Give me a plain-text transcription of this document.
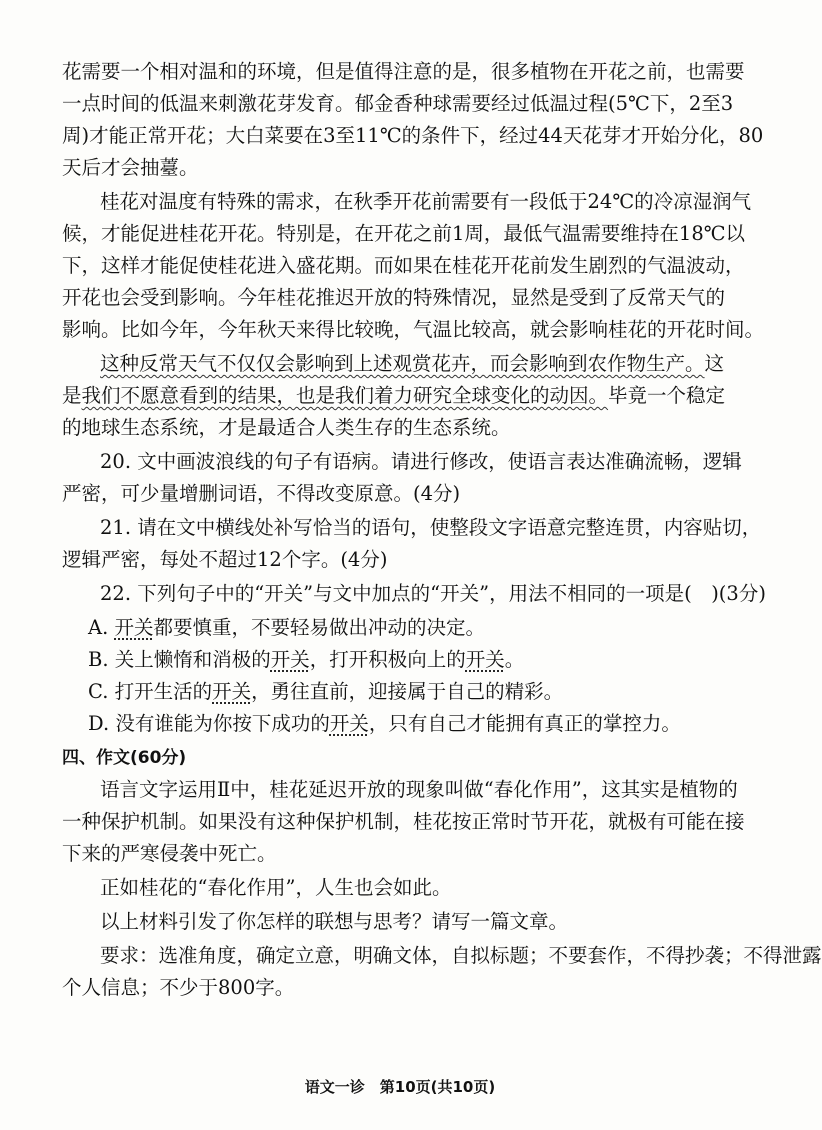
花需要一个相对温和的环境，但是值得注意的是，很多植物在开花之前，也需要
一点时间的低温来刺激花芽发育。郁金香种球需要经过低温过程(5℃下，2至3
周)才能正常开花；大白菜要在3至11℃的条件下，经过44天花芽才开始分化，80
天后才会抽薹。
桂花对温度有特殊的需求，在秋季开花前需要有一段低于24℃的冷凉湿润气
候，才能促进桂花开花。特别是，在开花之前1周，最低气温需要维持在18℃以
下，这样才能促使桂花进入盛花期。而如果在桂花开花前发生剧烈的气温波动，
开花也会受到影响。今年桂花推迟开放的特殊情况，显然是受到了反常天气的
影响。比如今年，今年秋天来得比较晚，气温比较高，就会影响桂花的开花时间。
这种反常天气不仅仅会影响到上述观赏花卉，而会影响到农作物生产。这
是我们不愿意看到的结果，也是我们着力研究全球变化的动因。毕竟一个稳定
的地球生态系统，才是最适合人类生存的生态系统。
20. 文中画波浪线的句子有语病。请进行修改，使语言表达准确流畅，逻辑
严密，可少量增删词语，不得改变原意。(4分)
21. 请在文中横线处补写恰当的语句，使整段文字语意完整连贯，内容贴切，
逻辑严密，每处不超过12个字。(4分)
22. 下列句子中的“开关”与文中加点的“开关”，用法不相同的一项是(　)(3分)
A. 开关都要慎重，不要轻易做出冲动的决定。
B. 关上懒惰和消极的开关，打开积极向上的开关。
C. 打开生活的开关，勇往直前，迎接属于自己的精彩。
D. 没有谁能为你按下成功的开关，只有自己才能拥有真正的掌控力。
四、作文(60分)
语言文字运用Ⅱ中，桂花延迟开放的现象叫做“春化作用”，这其实是植物的
一种保护机制。如果没有这种保护机制，桂花按正常时节开花，就极有可能在接
下来的严寒侵袭中死亡。
正如桂花的“春化作用”，人生也会如此。
以上材料引发了你怎样的联想与思考？请写一篇文章。
要求：选准角度，确定立意，明确文体，自拟标题；不要套作，不得抄袭；不得泄露
个人信息；不少于800字。
语文一诊　第10页(共10页)
